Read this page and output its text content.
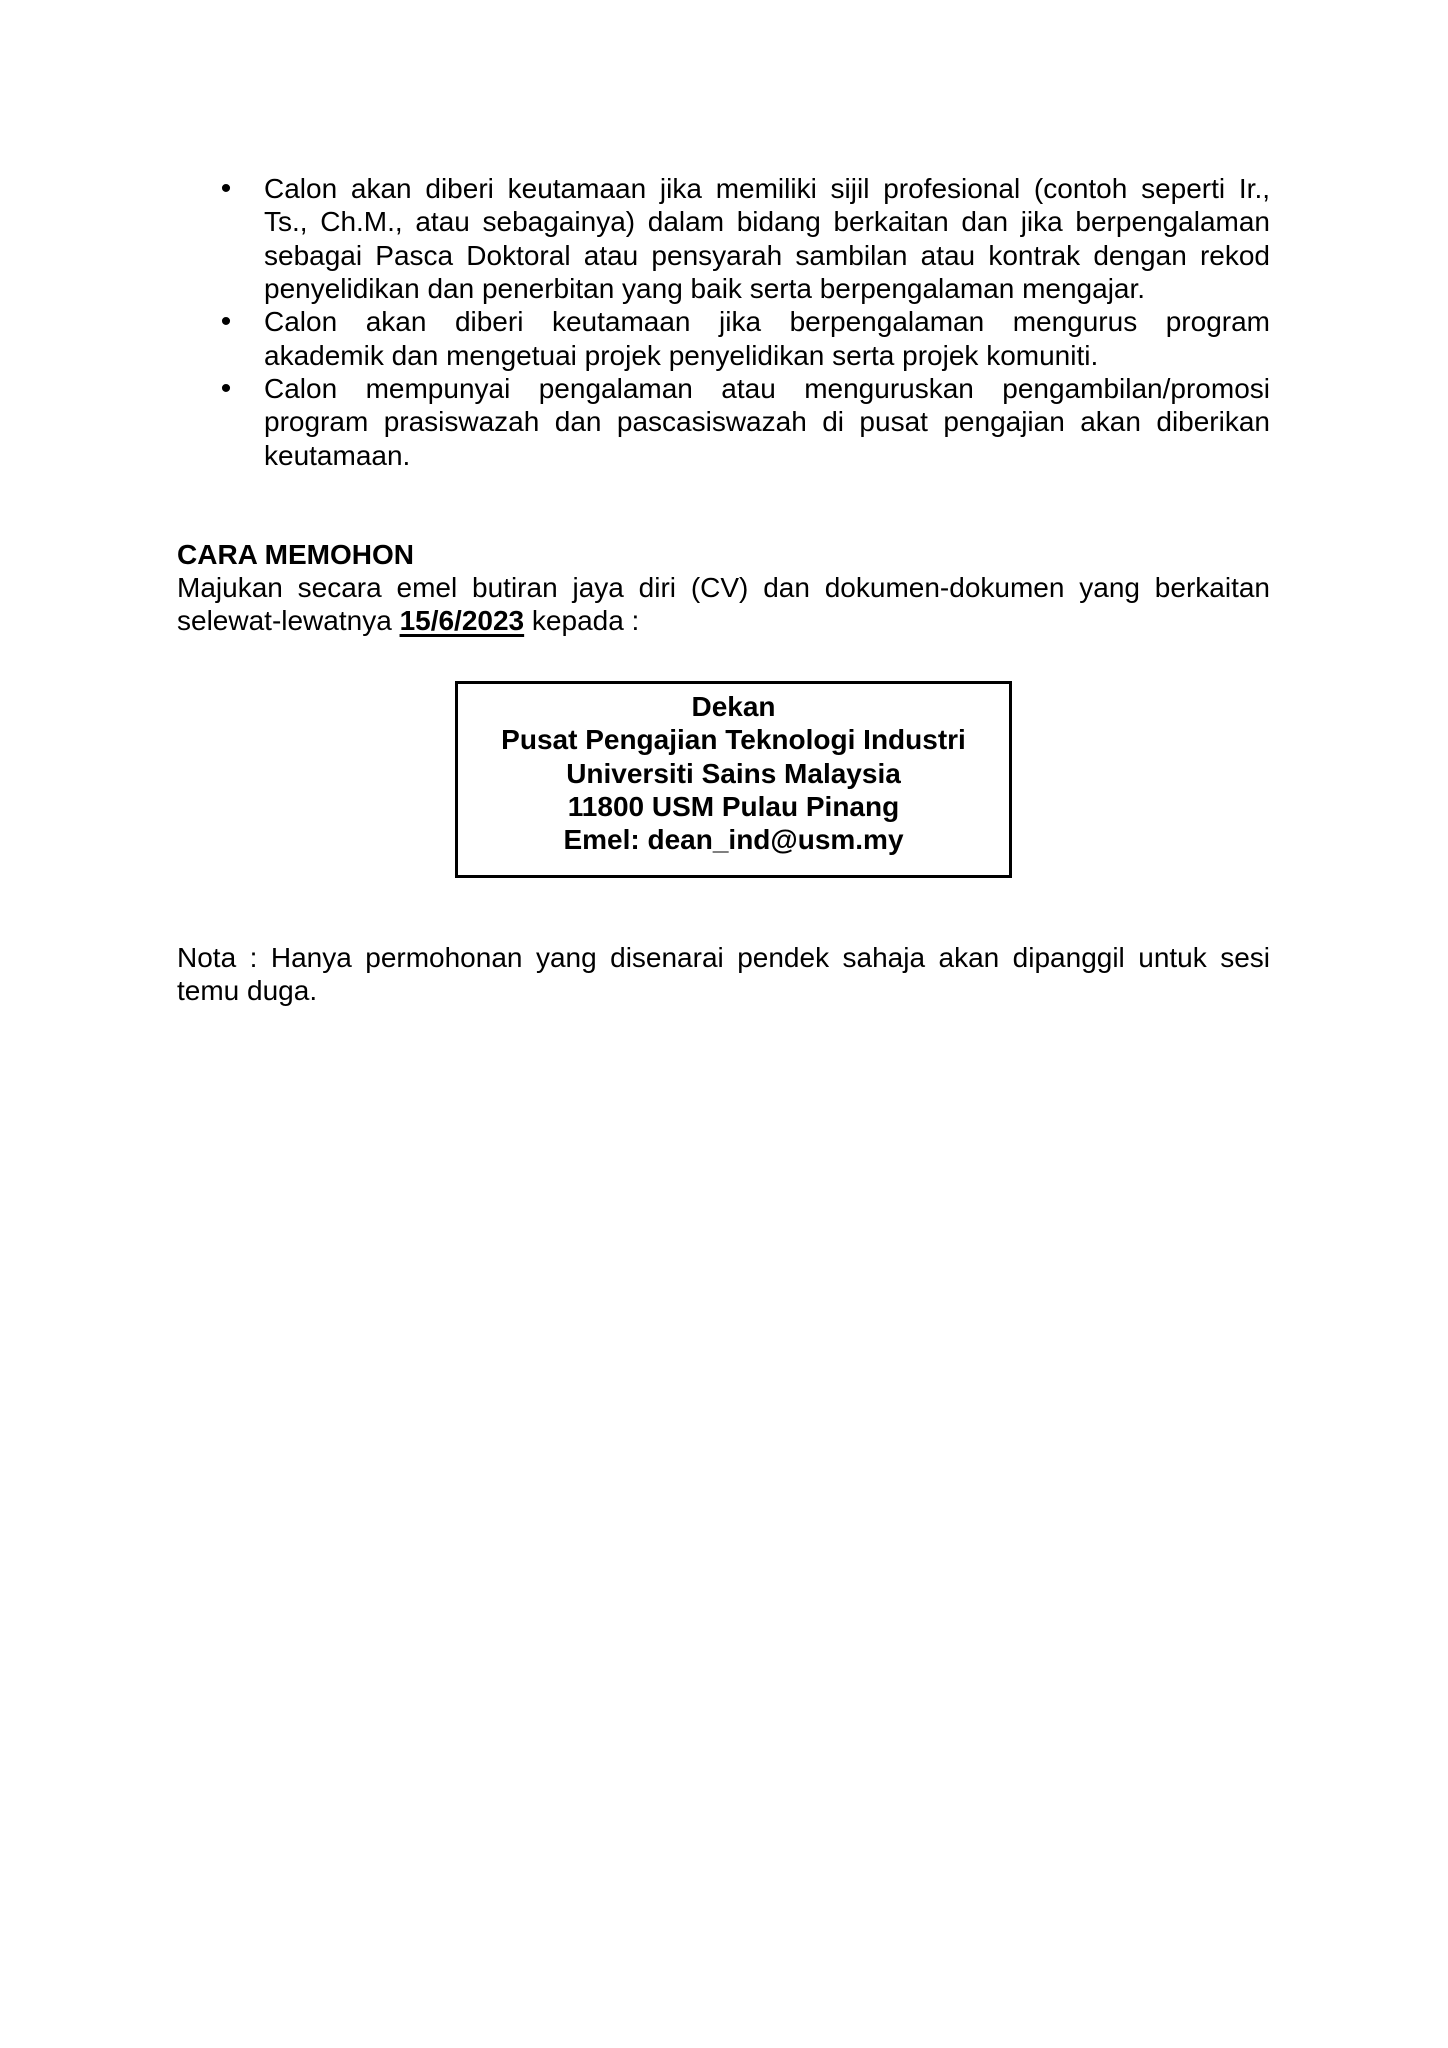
•	Calon akan diberi keutamaan jika memiliki sijil profesional (contoh seperti Ir.,
Ts., Ch.M., atau sebagainya) dalam bidang berkaitan dan jika berpengalaman
sebagai Pasca Doktoral atau pensyarah sambilan atau kontrak dengan rekod
penyelidikan dan penerbitan yang baik serta berpengalaman mengajar.
•	Calon akan diberi keutamaan jika berpengalaman mengurus program
akademik dan mengetuai projek penyelidikan serta projek komuniti.
•	Calon mempunyai pengalaman atau menguruskan pengambilan/promosi
program prasiswazah dan pascasiswazah di pusat pengajian akan diberikan
keutamaan.
CARA MEMOHON
Majukan secara emel butiran jaya diri (CV) dan dokumen-dokumen yang berkaitan
selewat-lewatnya 15/6/2023 kepada :
Dekan
Pusat Pengajian Teknologi Industri
Universiti Sains Malaysia
11800 USM Pulau Pinang
Emel: dean_ind@usm.my
Nota : Hanya permohonan yang disenarai pendek sahaja akan dipanggil untuk sesi
temu duga.
